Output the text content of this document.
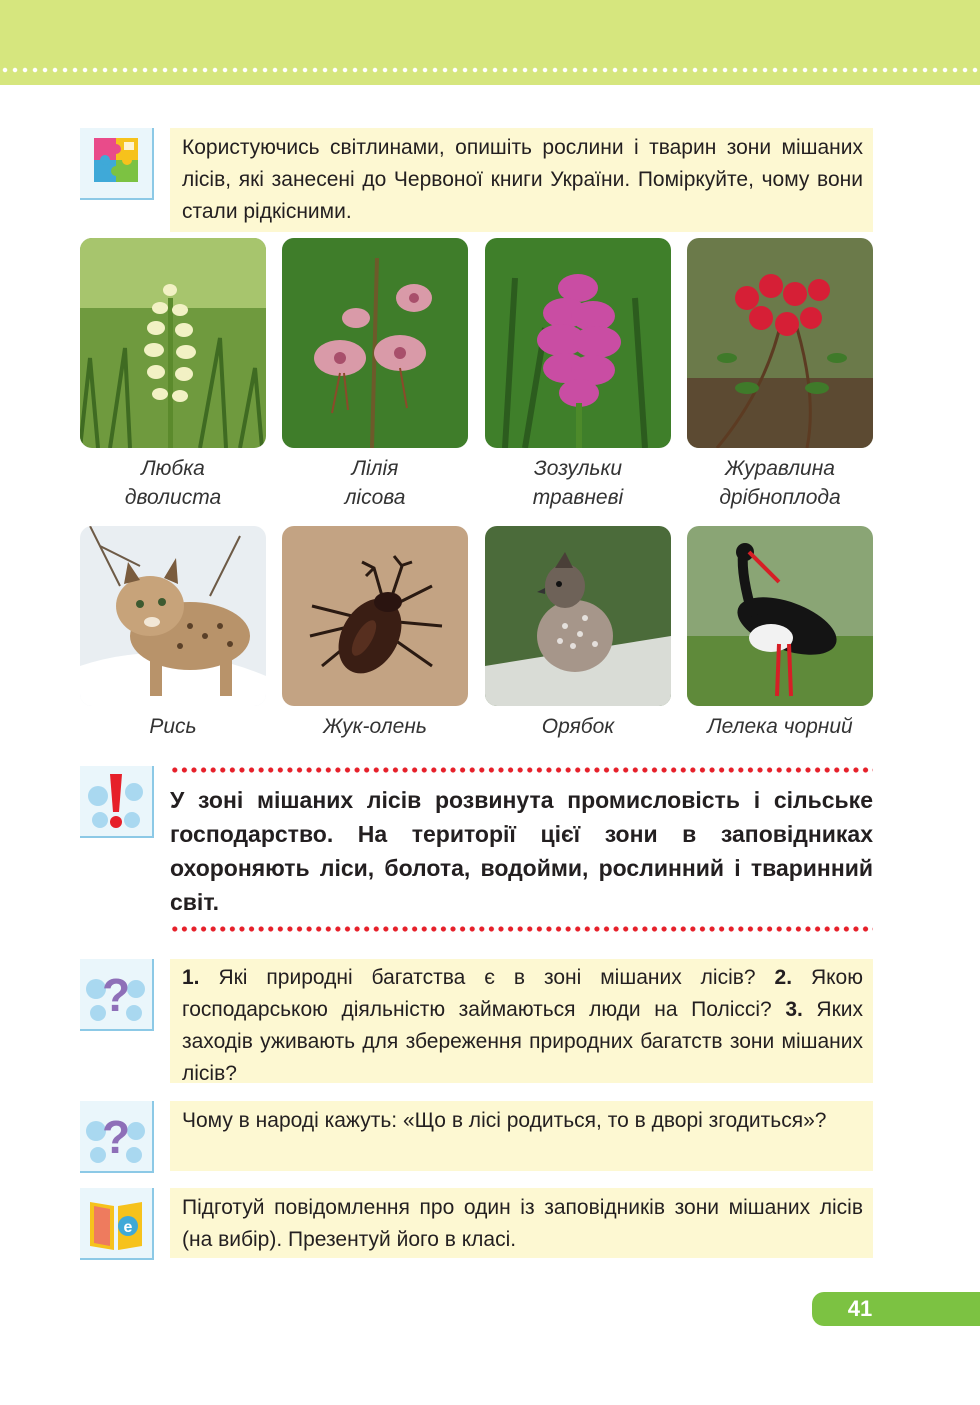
Користуючись світлинами, опишіть рослини і тварин зони мішаних лісів, які занесені до Червоної книги України. Поміркуйте, чому вони стали рідкісними.
Любка
дволиста
Лілія
лісова
Зозульки
травневі
Журавлина
дрібноплода
Рись	Жук-олень	Орябок	Лелека чорний
У зоні мішаних лісів розвинута промисловість і сільське господарство. На території цієї зони в заповідниках охороняють ліси, болота, водойми, рослинний і тваринний світ.
?	1. Які природні багатства є в зоні мішаних лісів? 2. Якою господарською діяльністю займаються люди на Поліссі? 3. Яких заходів уживають для збереження природних багатств зони мішаних лісів?
?	Чому в народі кажуть: «Що в лісі родиться, то в дворі згодиться»?
e
Підготуй повідомлення про один із заповідників зони мішаних лісів (на вибір). Презентуй його в класі.
41
